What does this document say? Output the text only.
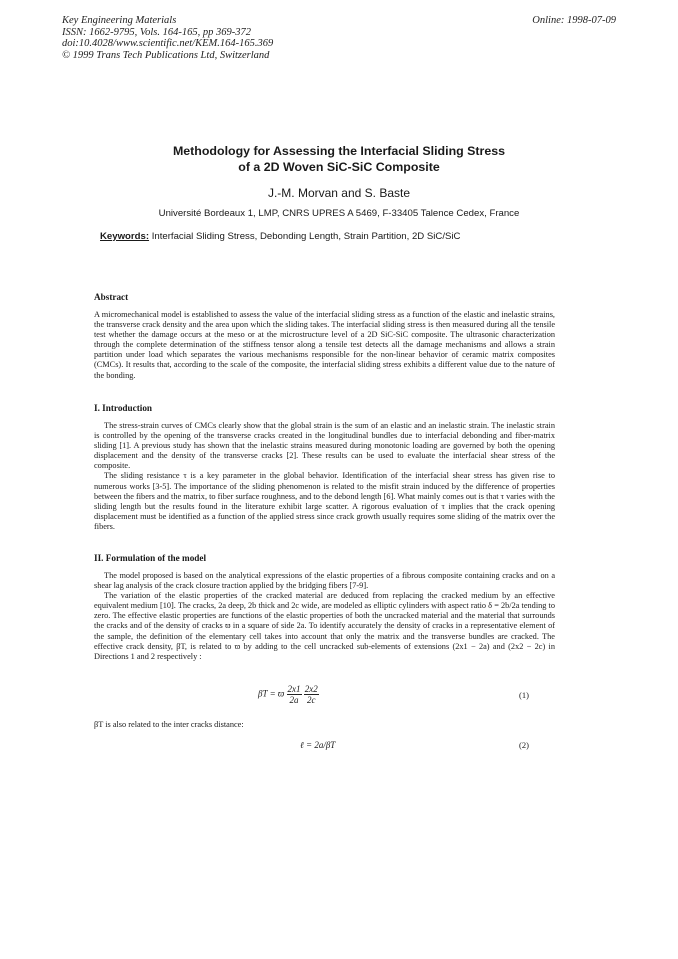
Key Engineering Materials
ISSN: 1662-9795, Vols. 164-165, pp 369-372
doi:10.4028/www.scientific.net/KEM.164-165.369
© 1999 Trans Tech Publications Ltd, Switzerland
Online: 1998-07-09
Methodology for Assessing the Interfacial Sliding Stress
of a 2D Woven SiC-SiC Composite
J.-M. Morvan and S. Baste
Université Bordeaux 1, LMP, CNRS UPRES A 5469, F-33405 Talence Cedex, France
Keywords: Interfacial Sliding Stress, Debonding Length, Strain Partition, 2D SiC/SiC
Abstract

A micromechanical model is established to assess the value of the interfacial sliding stress as a function of the elastic and inelastic strains, the transverse crack density and the area upon which the sliding takes. The interfacial sliding stress is then measured during all the tensile test whether the damage occurs at the meso or at the microstructure level of a 2D SiC-SiC composite. The ultrasonic characterization through the complete determination of the stiffness tensor along a tensile test detects all the damage mechanisms and allows a strain partition under load which separates the various mechanisms responsible for the non-linear behavior of ceramic matrix composites (CMCs). It results that, according to the scale of the composite, the interfacial sliding stress exhibits a different value due to the nature of the bonding.

I. Introduction

The stress-strain curves of CMCs clearly show that the global strain is the sum of an elastic and an inelastic strain. The inelastic strain is controlled by the opening of the transverse cracks created in the longitudinal bundles due to interfacial debonding and fiber-matrix sliding [1]. A previous study has shown that the inelastic strains measured during monotonic loading are governed by both the opening displacement and the density of the transverse cracks [2]. These results can be used to evaluate the interfacial shear stress of the composite.

The sliding resistance τ is a key parameter in the global behavior. Identification of the interfacial shear stress has given rise to numerous works [3-5]. The importance of the sliding phenomenon is related to the misfit strain induced by the difference of properties between the fibers and the matrix, to fiber surface roughness, and to the debond length [6]. What mainly comes out is that τ varies with the sliding length but the results found in the literature exhibit large scatter. A rigorous evaluation of τ implies that the crack opening displacement must be identified as a function of the applied stress since crack growth usually requires some sliding of the matrix over the fibers.

II. Formulation of the model

The model proposed is based on the analytical expressions of the elastic properties of a fibrous composite containing cracks and on a shear lag analysis of the crack closure traction applied by the bridging fibers [7-9].

The variation of the elastic properties of the cracked material are deduced from replacing the cracked medium by an effective equivalent medium [10]. The cracks, 2a deep, 2b thick and 2c wide, are modeled as elliptic cylinders with aspect ratio δ = 2b/2a tending to zero. The effective elastic properties are functions of the elastic properties of both the uncracked material and the material that surrounds the cracks and of the density of cracks ϖ in a square of side 2a. To identify accurately the density of cracks in a representative element of the sample, the definition of the elementary cell takes into account that only the matrix and the transverse bundles are cracked. The effective crack density, βT, is related to ϖ by adding to the cell uncracked sub-elements of extensions (2x1 − 2a) and (2x2 − 2c) in Directions 1 and 2 respectively :

βT = ϖ $\frac{2x1}{2a}$
$\frac{2x2}{2c}$	(1)

βT is also related to the inter cracks distance:

ℓ = 2a/βT	(2)
